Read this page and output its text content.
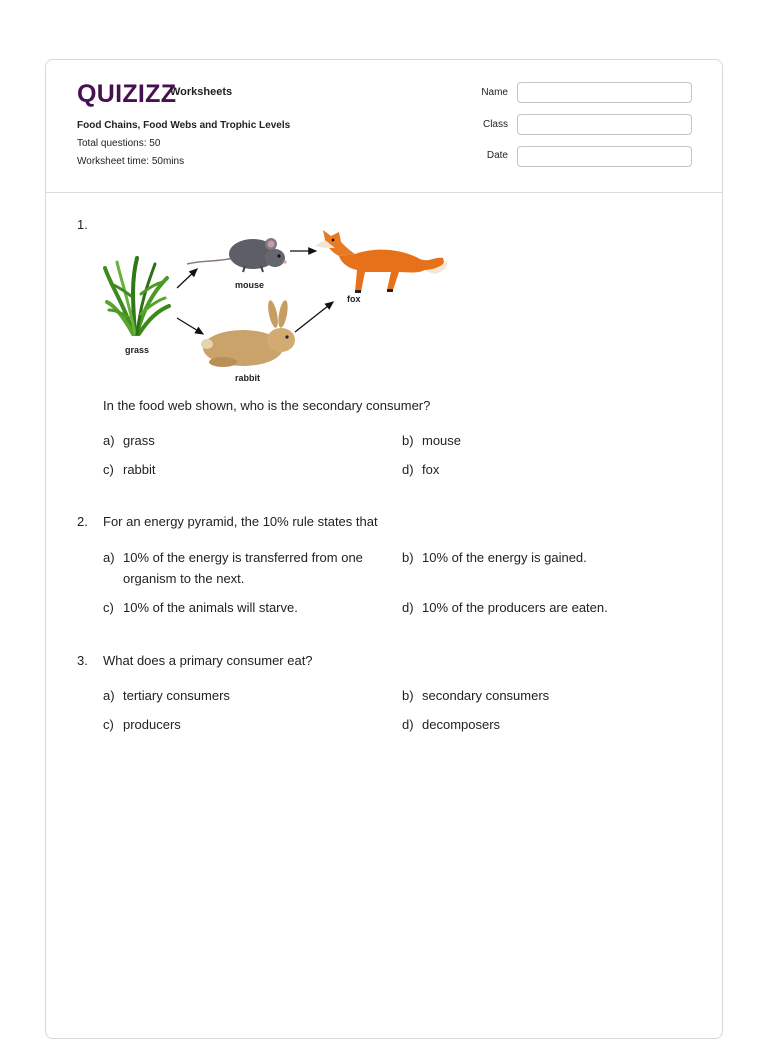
QUIZIZZ
Worksheets
Food Chains, Food Webs and Trophic Levels
Total questions: 50
Worksheet time: 50mins
Name
Class
Date
1.
grass
mouse
rabbit
fox
In the food web shown, who is the secondary consumer?
a) grass	b) mouse
c) rabbit	d) fox
2. For an energy pyramid, the 10% rule states that
a) 10% of the energy is transferred from one organism to the next.
b) 10% of the energy is gained.
c) 10% of the animals will starve.	d) 10% of the producers are eaten.
3. What does a primary consumer eat?
a) tertiary consumers	b) secondary consumers
c) producers	d) decomposers
